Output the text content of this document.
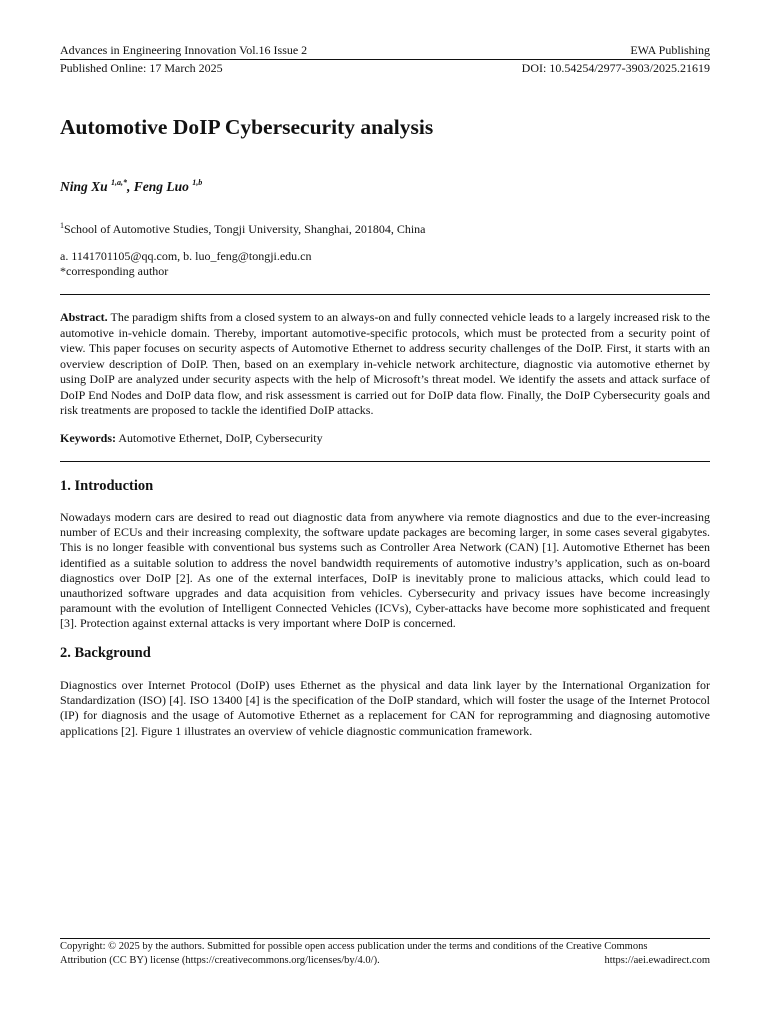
Advances in Engineering Innovation Vol.16 Issue 2	EWA Publishing
Published Online: 17 March 2025	DOI: 10.54254/2977-3903/2025.21619
Automotive DoIP Cybersecurity analysis
Ning Xu $^{1,a,*}$, Feng Luo $^{1,b}$
$^1$School of Automotive Studies, Tongji University, Shanghai, 201804, China
a. 1141701105@qq.com, b. luo_feng@tongji.edu.cn
*corresponding author

Abstract. The paradigm shifts from a closed system to an always-on and fully connected vehicle leads to a largely increased risk to the automotive in-vehicle domain. Thereby, important automotive-specific protocols, which must be protected from a security point of view. This paper focuses on security aspects of Automotive Ethernet to address security challenges of the DoIP. First, it starts with an overview description of DoIP. Then, based on an exemplary in-vehicle network architecture, diagnostic via automotive ethernet by using DoIP are analyzed under security aspects with the help of Microsoft’s threat model. We identify the assets and attack surface of DoIP End Nodes and DoIP data flow, and risk assessment is carried out for DoIP data flow. Finally, the DoIP Cybersecurity goals and risk treatments are proposed to tackle the identified DoIP attacks.

Keywords: Automotive Ethernet, DoIP, Cybersecurity
1. Introduction

Nowadays modern cars are desired to read out diagnostic data from anywhere via remote diagnostics and due to the ever-increasing number of ECUs and their increasing complexity, the software update packages are becoming larger, in some cases several gigabytes. This is no longer feasible with conventional bus systems such as Controller Area Network (CAN) [1]. Automotive Ethernet has been identified as a suitable solution to address the novel bandwidth requirements of automotive industry’s application, such as on-board diagnostics over DoIP [2]. As one of the external interfaces, DoIP is inevitably prone to malicious attacks, which could lead to unauthorized software upgrades and data acquisition from vehicles. Cybersecurity and privacy issues have become increasingly paramount with the evolution of Intelligent Connected Vehicles (ICVs), Cyber-attacks have become more sophisticated and frequent [3]. Protection against external attacks is very important where DoIP is concerned.

2. Background

Diagnostics over Internet Protocol (DoIP) uses Ethernet as the physical and data link layer by the International Organization for Standardization (ISO) [4]. ISO 13400 [4] is the specification of the DoIP standard, which will foster the usage of the Internet Protocol (IP) for diagnosis and the usage of Automotive Ethernet as a replacement for CAN for reprogramming and diagnosing automotive applications [2]. Figure 1 illustrates an overview of vehicle diagnostic communication framework.

Copyright: © 2025 by the authors. Submitted for possible open access publication under the terms and conditions of the Creative Commons
Attribution (CC BY) license (https://creativecommons.org/licenses/by/4.0/).	https://aei.ewadirect.com
